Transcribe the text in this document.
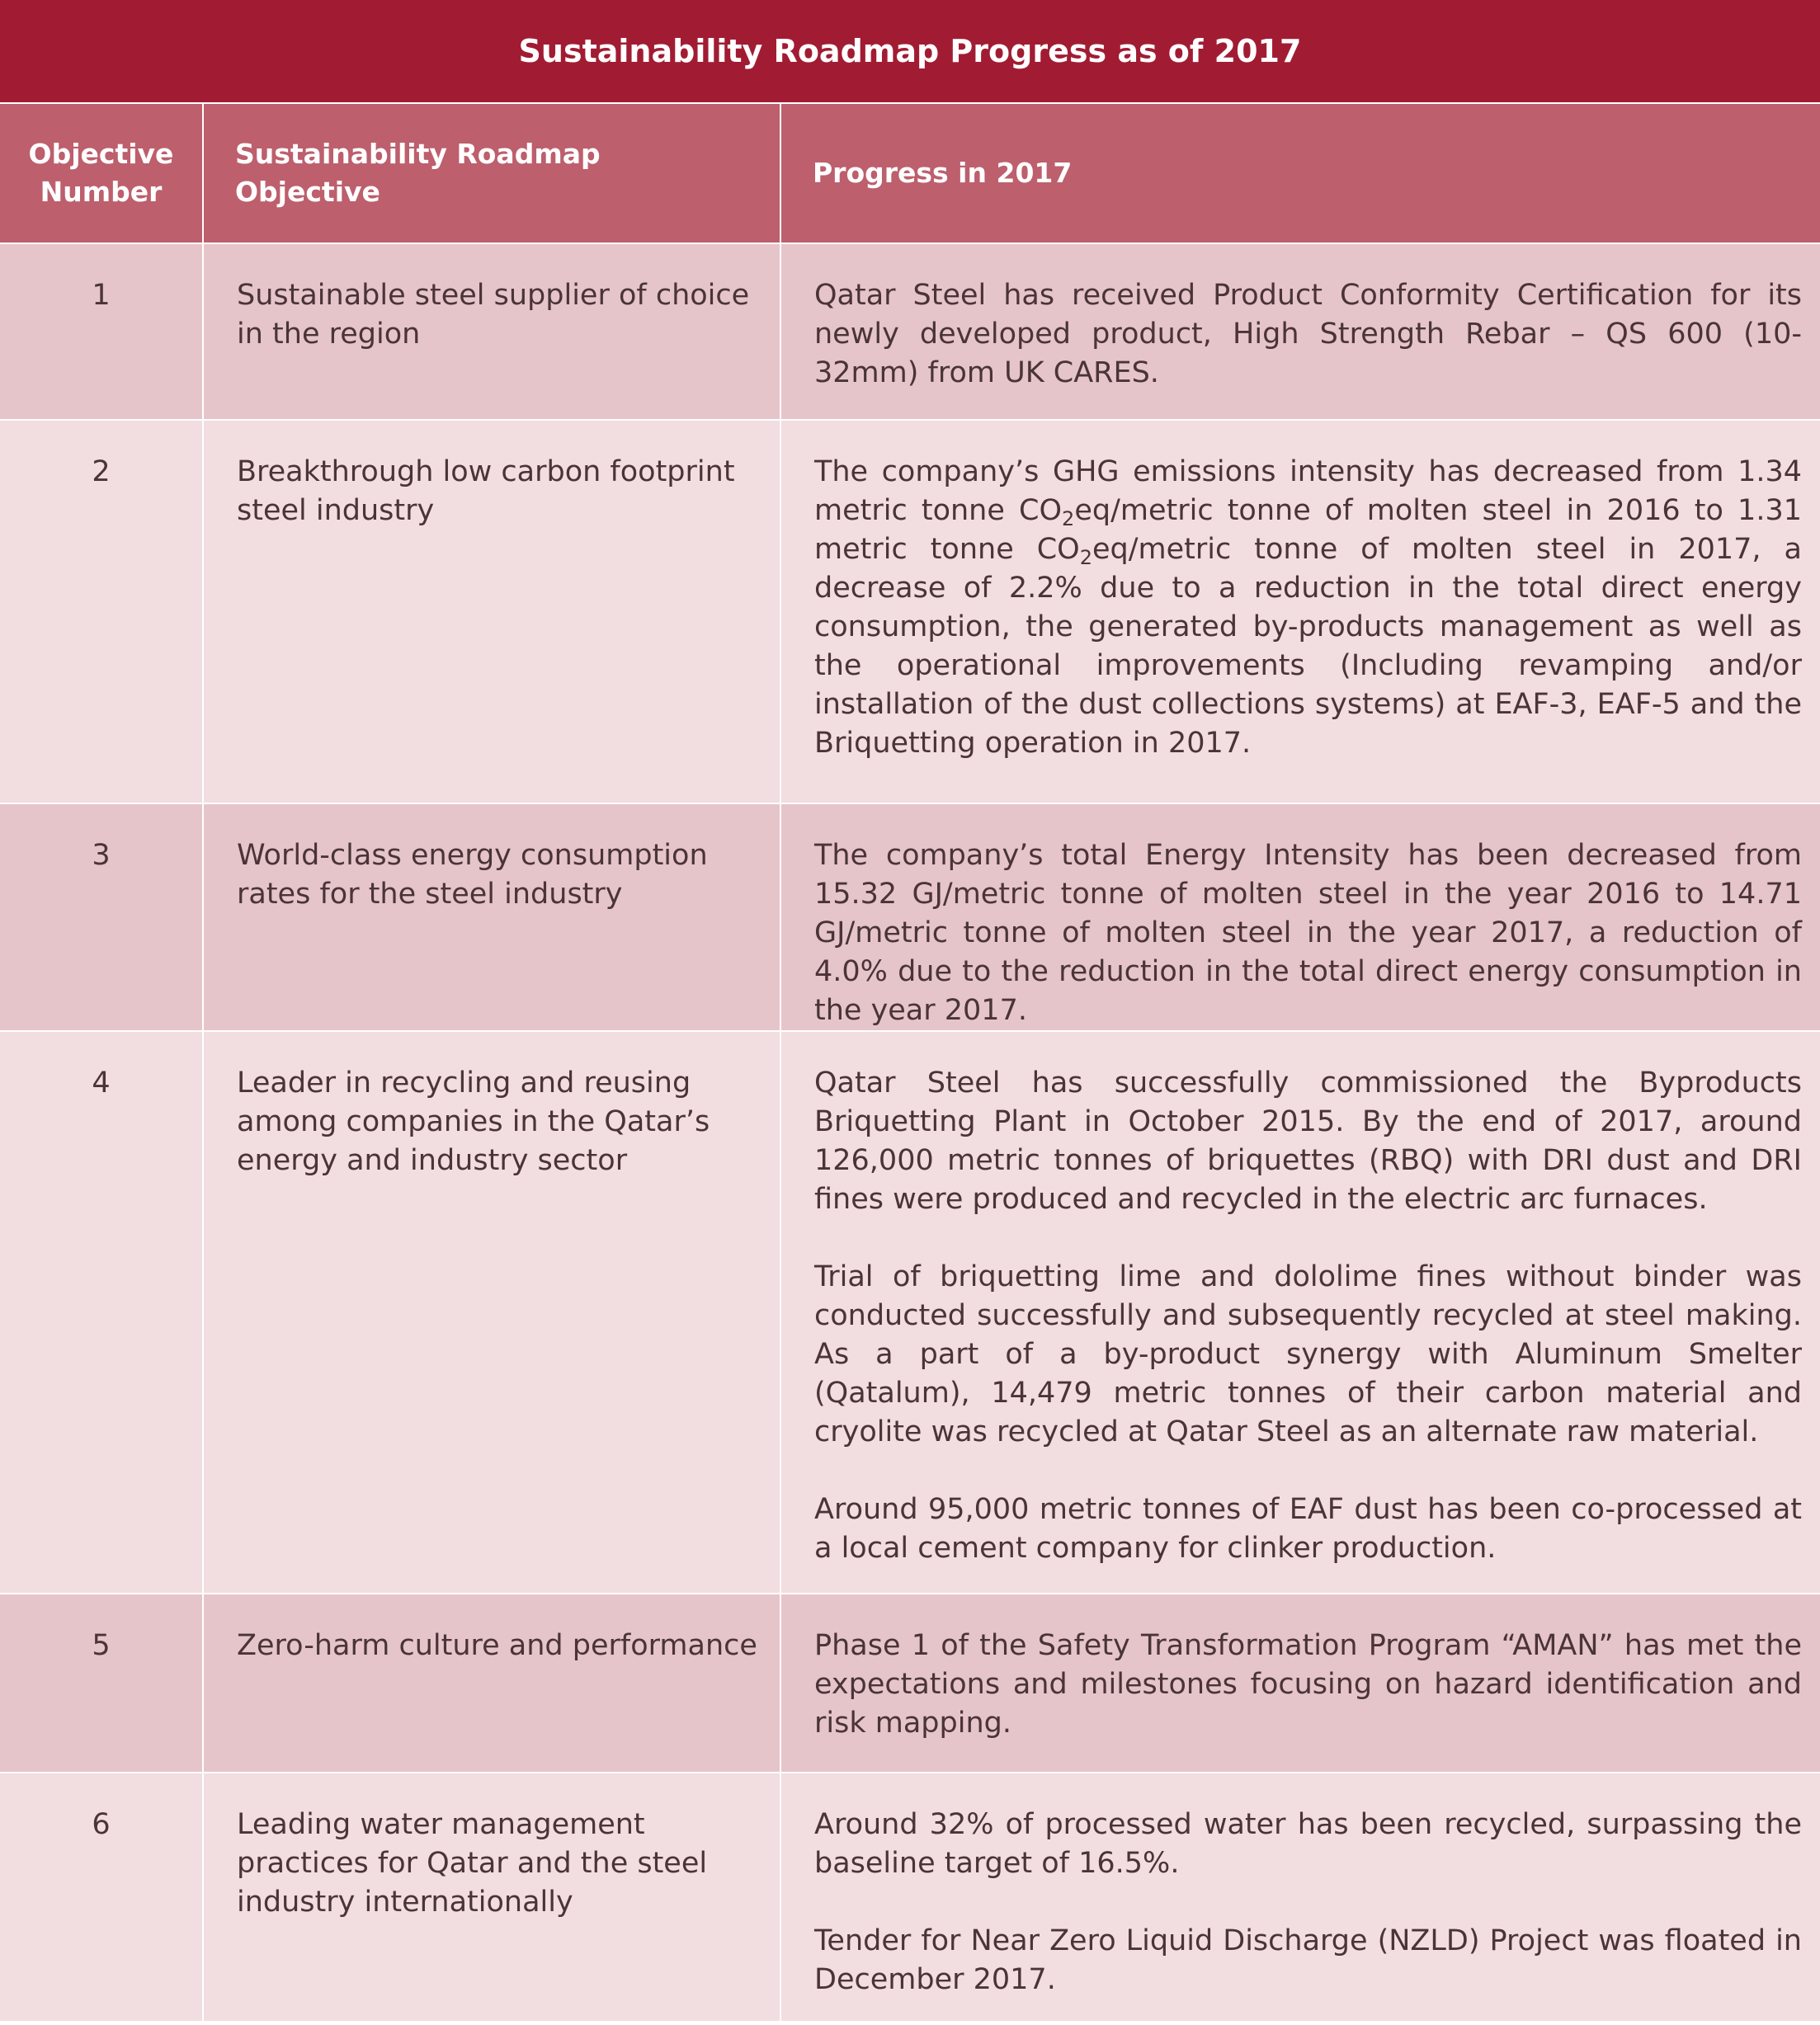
Sustainability Roadmap Progress as of 2017		
Objective
Number	Sustainability Roadmap Objective	Progress in 2017
1	Sustainable steel supplier of choice in the region	Qatar Steel has received Product Conformity Certification for its newly developed product, High Strength Rebar – QS 600 (10-32mm) from UK CARES.

2	Breakthrough low carbon footprint steel industry	The company’s GHG emissions intensity has decreased from 1.34 metric tonne $CO_2eq$/metric tonne of molten steel in 2016 to 1.31 metric tonne $CO_2eq$/metric tonne of molten steel in 2017, a decrease of 2.2% due to a reduction in the total direct energy consumption, the generated by-products management as well as the operational improvements (Including revamping and/or installation of the dust collections systems) at EAF-3, EAF-5 and the Briquetting operation in 2017.

3	World-class energy consumption rates for the steel industry	The company’s total Energy Intensity has been decreased from 15.32 GJ/metric tonne of molten steel in the year 2016 to 14.71 GJ/metric tonne of molten steel in the year 2017, a reduction of 4.0% due to the reduction in the total direct energy consumption in the year 2017.

4	Leader in recycling and reusing among companies in the Qatar’s energy and industry sector	Qatar Steel has successfully commissioned the Byproducts Briquetting Plant in October 2015. By the end of 2017, around 126,000 metric tonnes of briquettes (RBQ) with DRI dust and DRI fines were produced and recycled in the electric arc furnaces.

Trial of briquetting lime and dololime fines without binder was conducted successfully and subsequently recycled at steel making. As a part of a by-product synergy with Aluminum Smelter (Qatalum), 14,479 metric tonnes of their carbon material and cryolite was recycled at Qatar Steel as an alternate raw material.

Around 95,000 metric tonnes of EAF dust has been co-processed at a local cement company for clinker production.

5	Zero-harm culture and performance	Phase 1 of the Safety Transformation Program “AMAN” has met the expectations and milestones focusing on hazard identification and risk mapping.

6	Leading water management practices for Qatar and the steel industry internationally	Around 32% of processed water has been recycled, surpassing the baseline target of 16.5%.

Tender for Near Zero Liquid Discharge (NZLD) Project was floated in December 2017.
